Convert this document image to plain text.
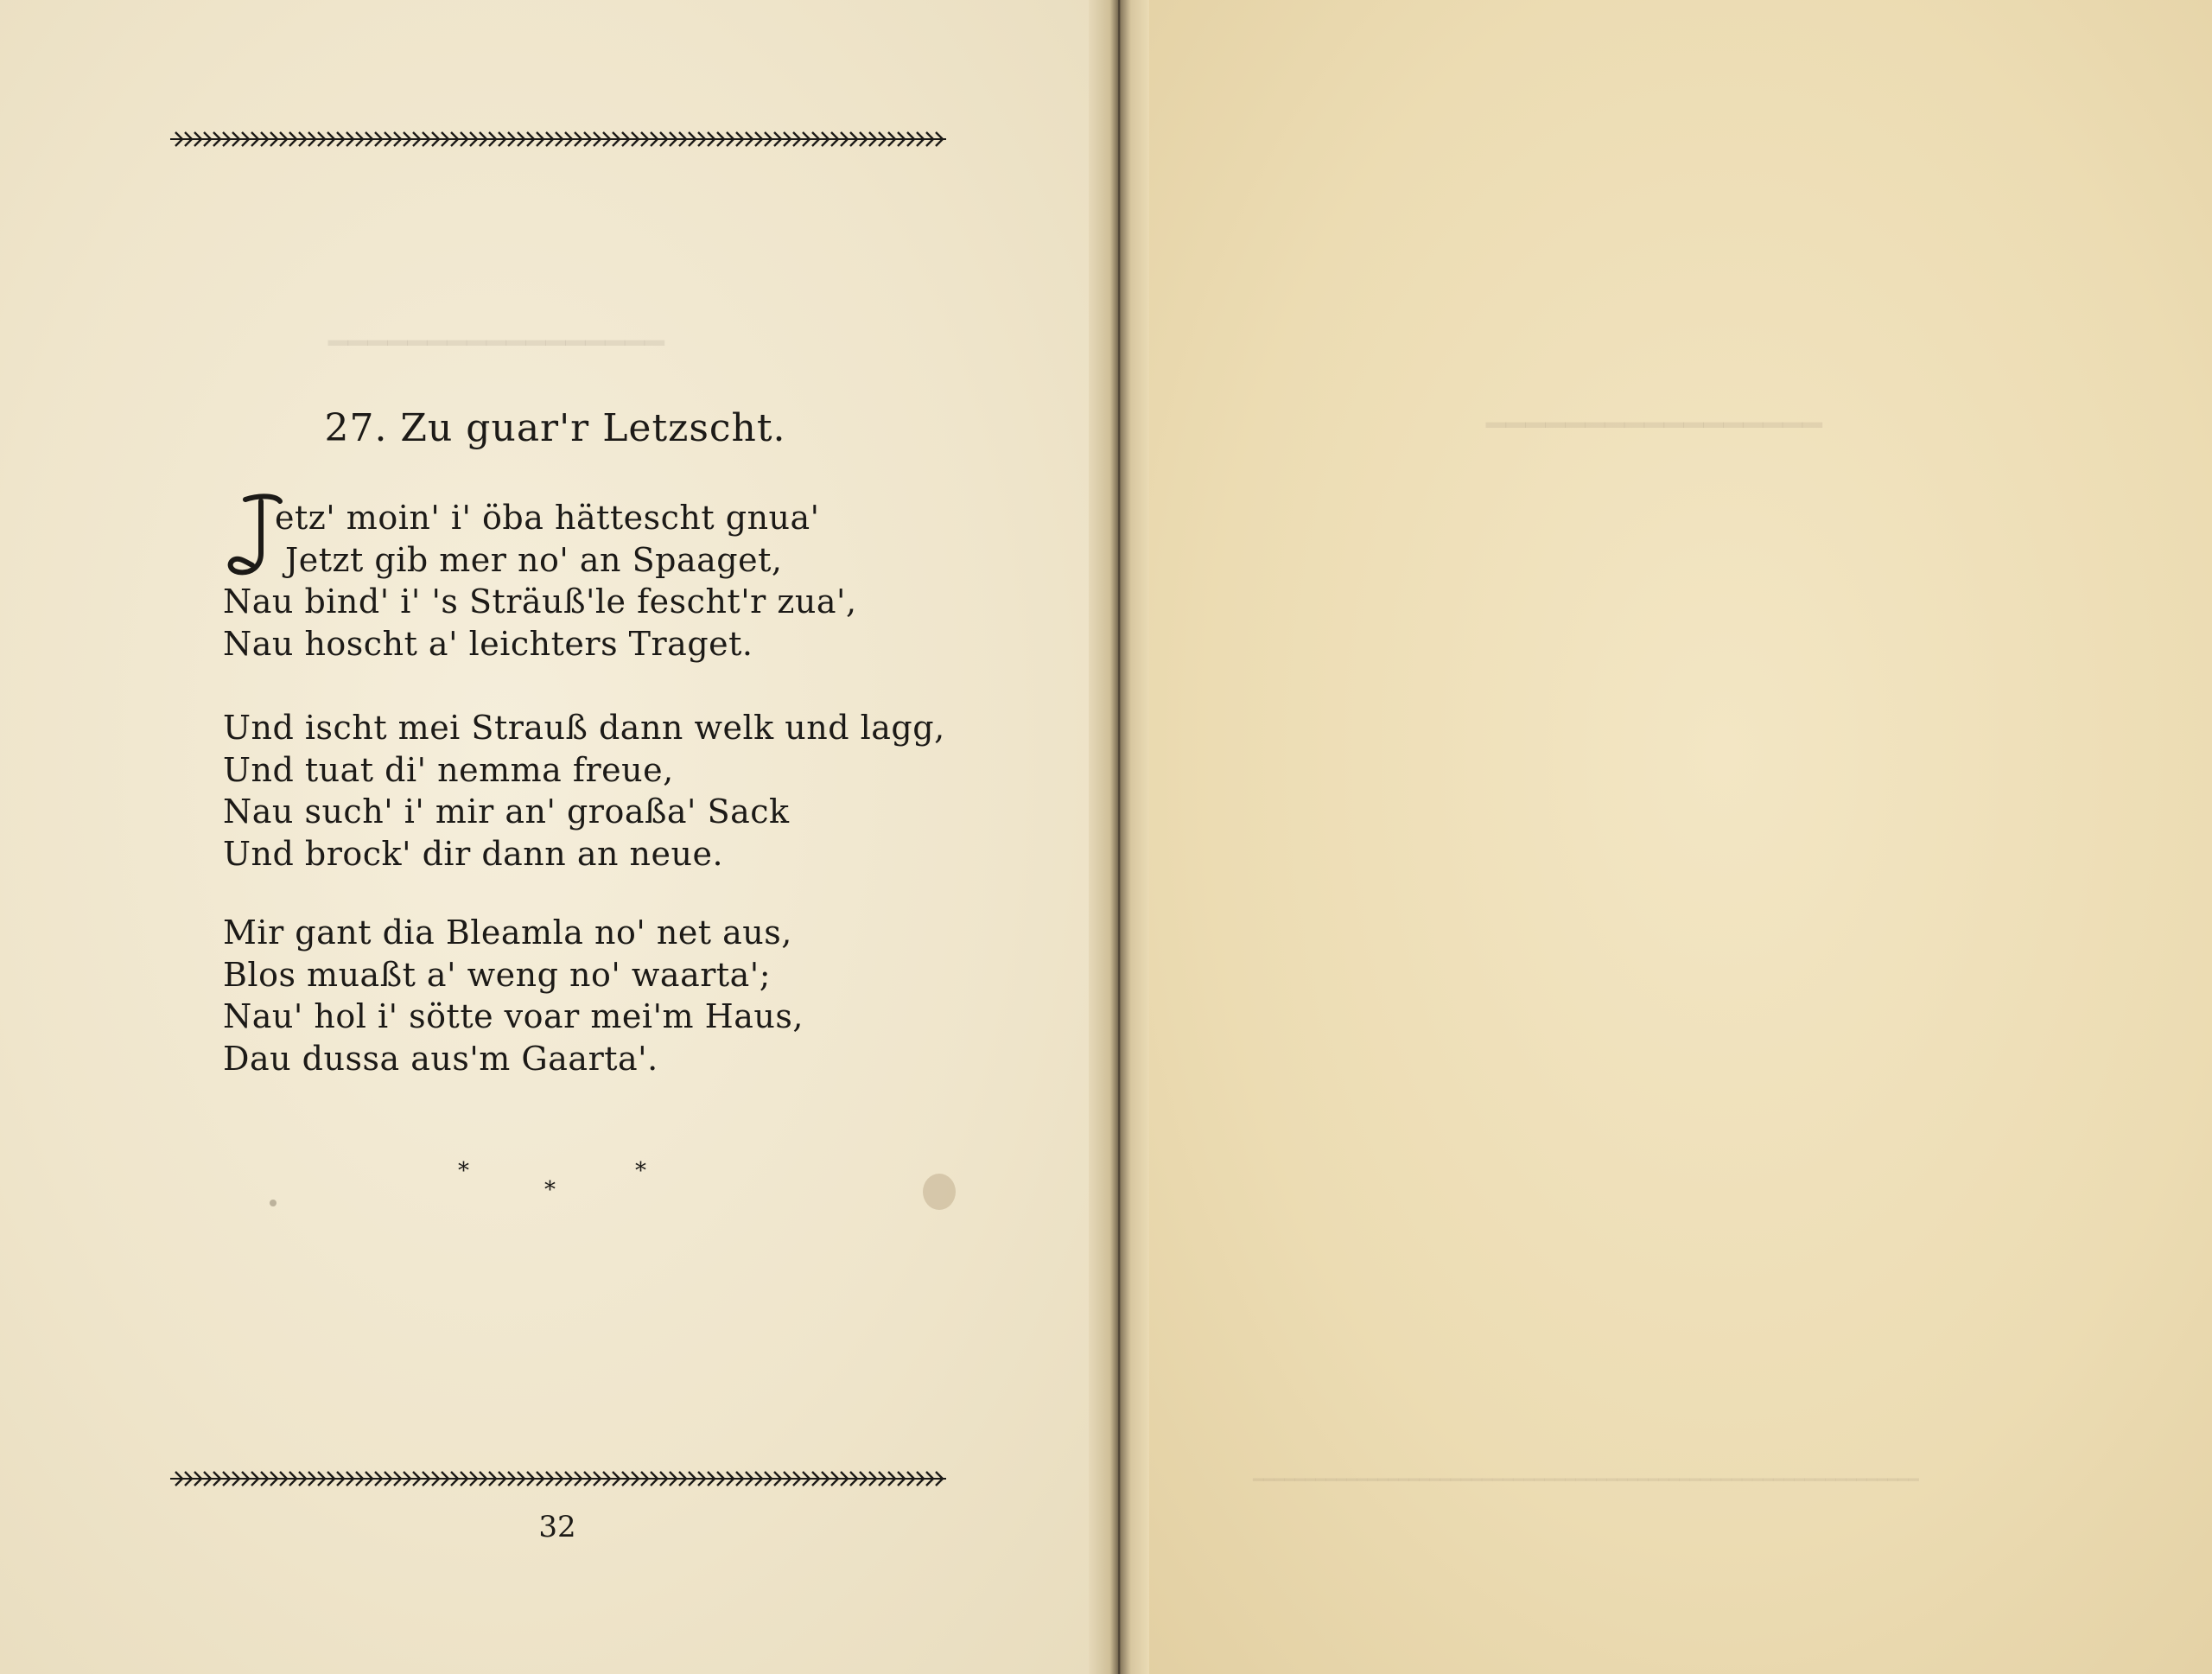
━━━━━━━━━━━━━━━━━
27. Zu guar'r Letzscht.
etz' moin' i' öba hättescht gnua'
Jetzt gib mer no' an Spaaget,
Nau bind' i' 's Sträuß'le fescht'r zua',
Nau hoscht a' leichters Traget.
Und ischt mei Strauß dann welk und lagg,
Und tuat di' nemma freue,
Nau such' i' mir an' groaßa' Sack
Und brock' dir dann an neue.
Mir gant dia Bleamla no' net aus,
Blos muaßt a' weng no' waarta';
Nau' hol i' sötte voar mei'm Haus,
Dau dussa aus'm Gaarta'.
*
*
*
32
━━━━━━━━━━━━━━━━━
━━━━━━━━━━━━━━━━━━━━━━━━━━━━━━━━━━━━━━━━━━━━━━━━━━━━━━━━━━━━━━━━
